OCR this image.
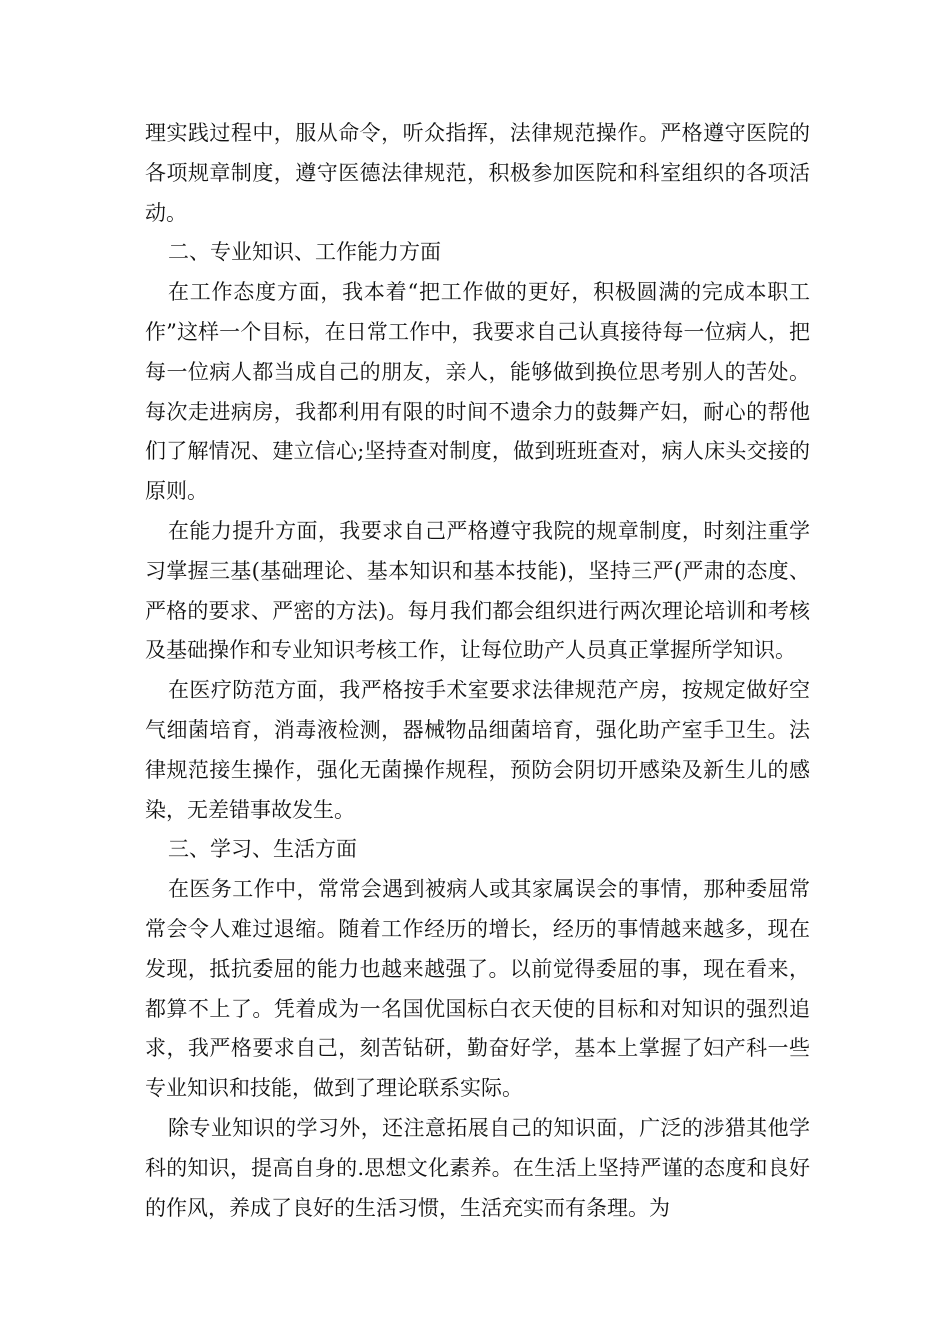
理实践过程中，服从命令，听众指挥，法律规范操作。严格遵守医院的各项规章制度，遵守医德法律规范，积极参加医院和科室组织的各项活动。

二、专业知识、工作能力方面

在工作态度方面，我本着“把工作做的更好，积极圆满的完成本职工作”这样一个目标，在日常工作中，我要求自己认真接待每一位病人，把每一位病人都当成自己的朋友，亲人，能够做到换位思考别人的苦处。每次走进病房，我都利用有限的时间不遗余力的鼓舞产妇，耐心的帮他们了解情况、建立信心;坚持查对制度，做到班班查对，病人床头交接的原则。

在能力提升方面，我要求自己严格遵守我院的规章制度，时刻注重学习掌握三基(基础理论、基本知识和基本技能)，坚持三严(严肃的态度、严格的要求、严密的方法)。每月我们都会组织进行两次理论培训和考核及基础操作和专业知识考核工作，让每位助产人员真正掌握所学知识。

在医疗防范方面，我严格按手术室要求法律规范产房，按规定做好空气细菌培育，消毒液检测，器械物品细菌培育，强化助产室手卫生。法律规范接生操作，强化无菌操作规程，预防会阴切开感染及新生儿的感染，无差错事故发生。

三、学习、生活方面

在医务工作中，常常会遇到被病人或其家属误会的事情，那种委屈常常会令人难过退缩。随着工作经历的增长，经历的事情越来越多，现在发现，抵抗委屈的能力也越来越强了。以前觉得委屈的事，现在看来，都算不上了。凭着成为一名国优国标白衣天使的目标和对知识的强烈追求，我严格要求自己，刻苦钻研，勤奋好学，基本上掌握了妇产科一些专业知识和技能，做到了理论联系实际。

除专业知识的学习外，还注意拓展自己的知识面，广泛的涉猎其他学科的知识，提高自身的.思想文化素养。在生活上坚持严谨的态度和良好的作风，养成了良好的生活习惯，生活充实而有条理。为
